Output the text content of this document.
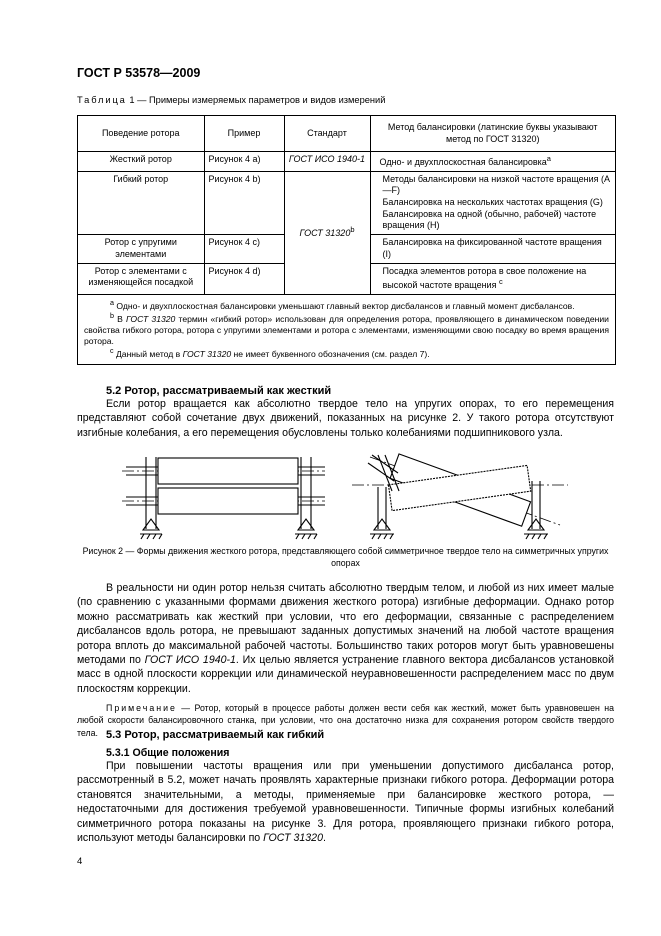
ГОСТ Р 53578—2009
Таблица 1 — Примеры измеряемых параметров и видов измерений
Поведение ротора	Пример	Стандарт	Метод балансировки (латинские буквы указывают метод по ГОСТ 31320)
Жесткий ротор	Рисунок 4 a)	ГОСТ ИСО 1940-1	Одно- и двухплоскостная балансировка$^a$
Гибкий ротор	Рисунок 4 b)	ГОСТ 31320$^b$	Методы балансировки на низкой частоте вращения (A—F)
Балансировка на нескольких частотах вращения (G)
Балансировка на одной (обычно, рабочей) частоте вращения (H)

Ротор с упругими элементами	Рисунок 4 c)		Балансировка на фиксированной частоте вращения (I)
Ротор с элементами с изменяющейся посадкой	Рисунок 4 d)		Посадка элементов ротора в свое положение на высокой частоте вращения $^c$

$^a$ Одно- и двухплоскостная балансировки уменьшают главный вектор дисбалансов и главный момент дисбалансов.

$^b$ В ГОСТ 31320 термин «гибкий ротор» использован для определения ротора, проявляющего в динамическом поведении свойства гибкого ротора, ротора с упругими элементами и ротора с элементами, изменяющими свою посадку во время вращения ротора.

$^c$ Данный метод в ГОСТ 31320 не имеет буквенного обозначения (см. раздел 7).

5.2 Ротор, рассматриваемый как жесткий

Если ротор вращается как абсолютно твердое тело на упругих опорах, то его перемещения представляют собой сочетание двух движений, показанных на рисунке 2. У такого ротора отсутствуют изгибные колебания, а его перемещения обусловлены только колебаниями подшипникового узла.

Рисунок 2 — Формы движения жесткого ротора, представляющего собой симметричное твердое тело на симметричных упругих опорах

В реальности ни один ротор нельзя считать абсолютно твердым телом, и любой из них имеет малые (по сравнению с указанными формами движения жесткого ротора) изгибные деформации. Однако ротор можно рассматривать как жесткий при условии, что его деформации, связанные с распределением дисбалансов вдоль ротора, не превышают заданных допустимых значений на любой частоте вращения ротора вплоть до максимальной рабочей частоты. Большинство таких роторов могут быть уравновешены методами по ГОСТ ИСО 1940-1. Их целью является устранение главного вектора дисбалансов установкой масс в одной плоскости коррекции или динамической неуравновешенности распределением масс по двум плоскостям коррекции.

Примечание — Ротор, который в процессе работы должен вести себя как жесткий, может быть уравновешен на любой скорости балансировочного станка, при условии, что она достаточно низка для сохранения ротором свойств твердого тела. 5.3 Ротор, рассматриваемый как гибкий
5.3.1 Общие положения

При повышении частоты вращения или при уменьшении допустимого дисбаланса ротор, рассмотренный в 5.2, может начать проявлять характерные признаки гибкого ротора. Деформации ротора становятся значительными, а методы, применяемые при балансировке жесткого ротора, — недостаточными для достижения требуемой уравновешенности. Типичные формы изгибных колебаний симметричного ротора показаны на рисунке 3. Для ротора, проявляющего признаки гибкого ротора, используют методы балансировки по ГОСТ 31320.

4
